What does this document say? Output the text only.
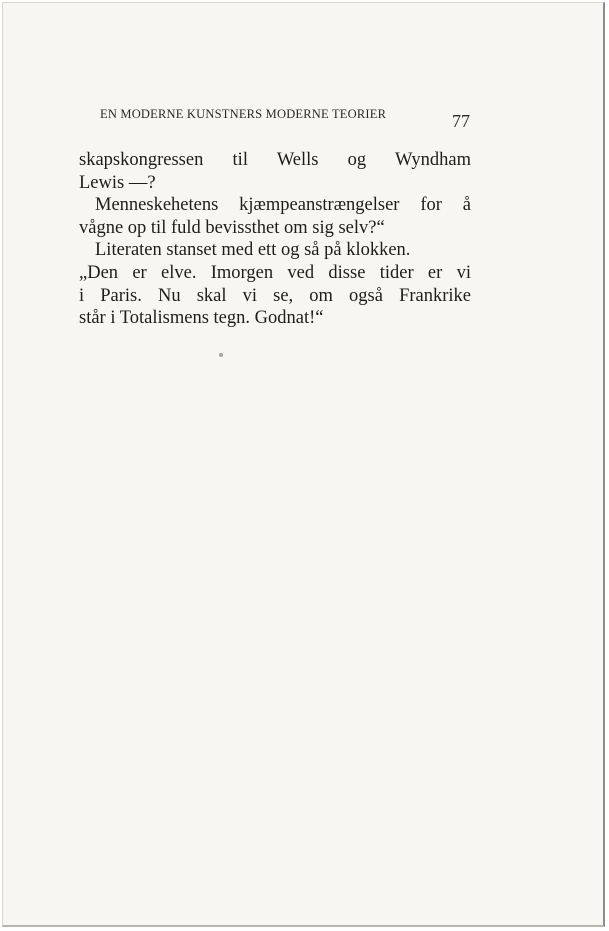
EN MODERNE KUNSTNERS MODERNE TEORIER	77
skapskongressen til Wells og Wyndham
Lewis —?
Menneskehetens kjæmpeanstrængelser for å
vågne op til fuld bevissthet om sig selv?“
Literaten stanset med ett og så på klokken.
„Den er elve. Imorgen ved disse tider er vi
i Paris. Nu skal vi se, om også Frankrike
står i Totalismens tegn. Godnat!“
